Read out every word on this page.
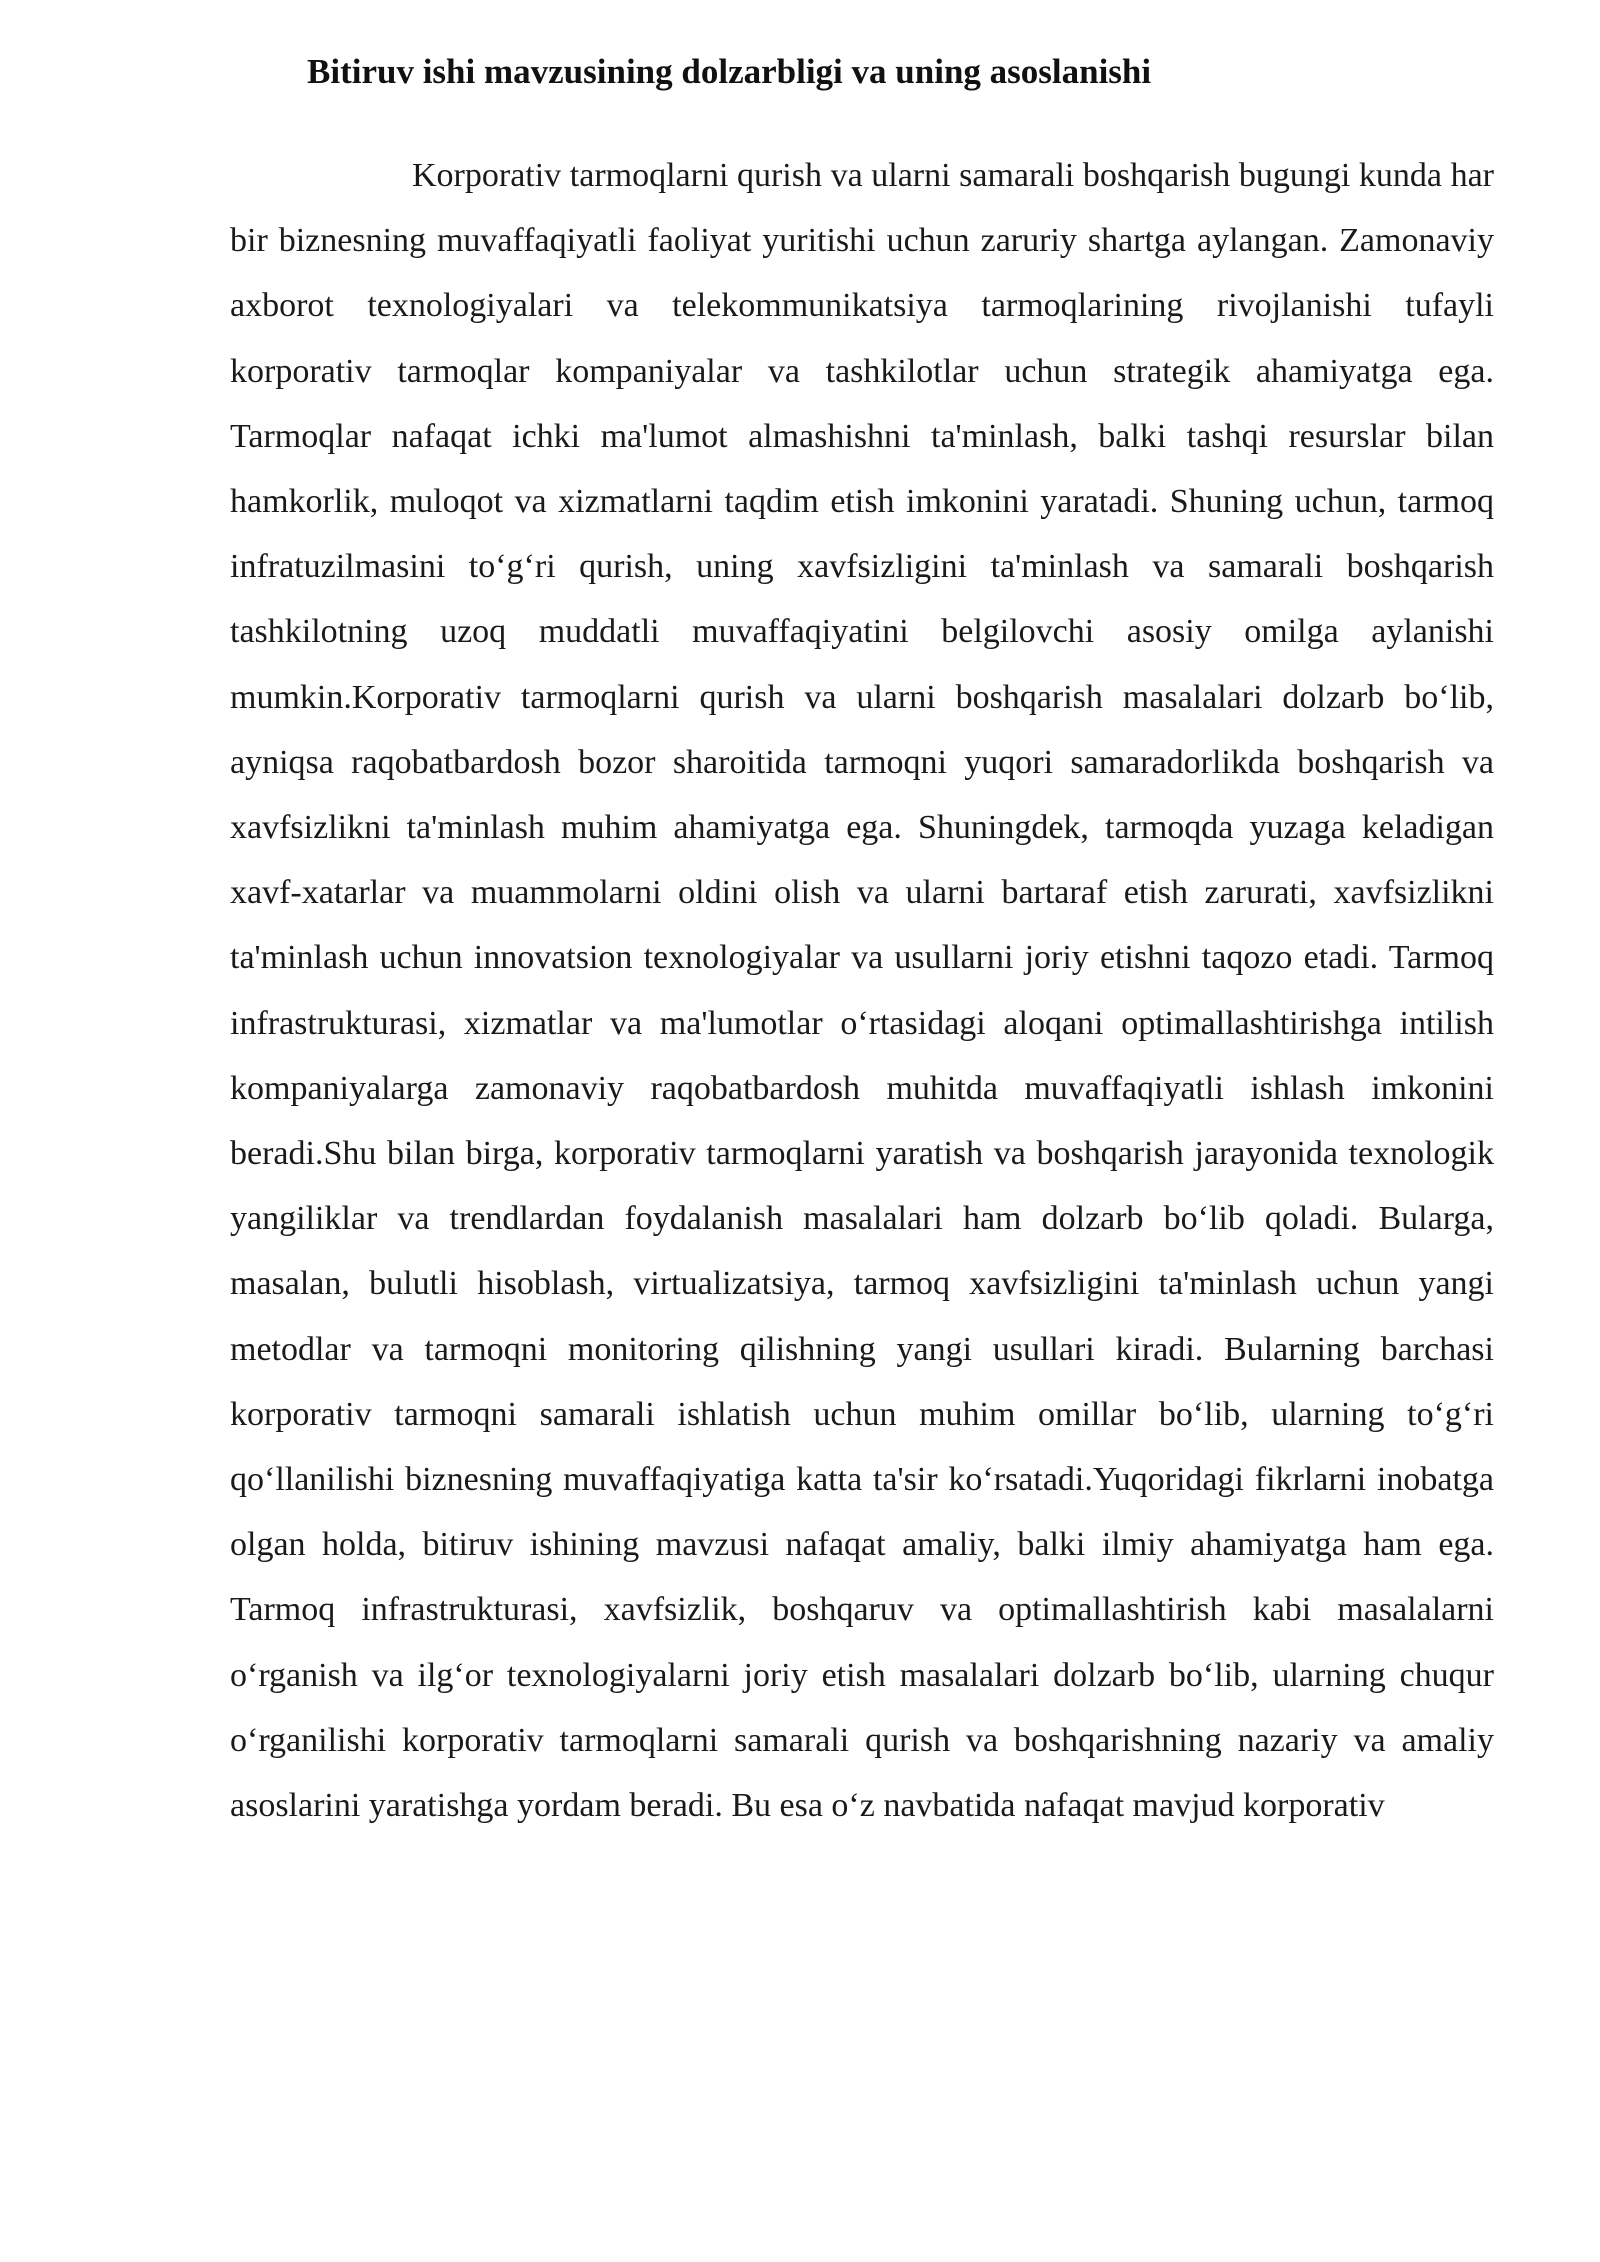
Bitiruv ishi mavzusining dolzarbligi va uning asoslanishi

Korporativ tarmoqlarni qurish va ularni samarali boshqarish bugungi kunda har bir biznesning muvaffaqiyatli faoliyat yuritishi uchun zaruriy shartga aylangan. Zamonaviy axborot texnologiyalari va telekommunikatsiya tarmoqlarining rivojlanishi tufayli korporativ tarmoqlar kompaniyalar va tashkilotlar uchun strategik ahamiyatga ega. Tarmoqlar nafaqat ichki ma'lumot almashishni ta'minlash, balki tashqi resurslar bilan hamkorlik, muloqot va xizmatlarni taqdim etish imkonini yaratadi. Shuning uchun, tarmoq infratuzilmasini to‘g‘ri qurish, uning xavfsizligini ta'minlash va samarali boshqarish tashkilotning uzoq muddatli muvaffaqiyatini belgilovchi asosiy omilga aylanishi mumkin.Korporativ tarmoqlarni qurish va ularni boshqarish masalalari dolzarb bo‘lib, ayniqsa raqobatbardosh bozor sharoitida tarmoqni yuqori samaradorlikda boshqarish va xavfsizlikni ta'minlash muhim ahamiyatga ega. Shuningdek, tarmoqda yuzaga keladigan xavf-xatarlar va muammolarni oldini olish va ularni bartaraf etish zarurati, xavfsizlikni ta'minlash uchun innovatsion texnologiyalar va usullarni joriy etishni taqozo etadi. Tarmoq infrastrukturasi, xizmatlar va ma'lumotlar o‘rtasidagi aloqani optimallashtirishga intilish kompaniyalarga zamonaviy raqobatbardosh muhitda muvaffaqiyatli ishlash imkonini beradi.Shu bilan birga, korporativ tarmoqlarni yaratish va boshqarish jarayonida texnologik yangiliklar va trendlardan foydalanish masalalari ham dolzarb bo‘lib qoladi. Bularga, masalan, bulutli hisoblash, virtualizatsiya, tarmoq xavfsizligini ta'minlash uchun yangi metodlar va tarmoqni monitoring qilishning yangi usullari kiradi. Bularning barchasi korporativ tarmoqni samarali ishlatish uchun muhim omillar bo‘lib, ularning to‘g‘ri qo‘llanilishi biznesning muvaffaqiyatiga katta ta'sir ko‘rsatadi.Yuqoridagi fikrlarni inobatga olgan holda, bitiruv ishining mavzusi nafaqat amaliy, balki ilmiy ahamiyatga ham ega. Tarmoq infrastrukturasi, xavfsizlik, boshqaruv va optimallashtirish kabi masalalarni o‘rganish va ilg‘or texnologiyalarni joriy etish masalalari dolzarb bo‘lib, ularning chuqur o‘rganilishi korporativ tarmoqlarni samarali qurish va boshqarishning nazariy va amaliy asoslarini yaratishga yordam beradi. Bu esa o‘z navbatida nafaqat mavjud korporativ
